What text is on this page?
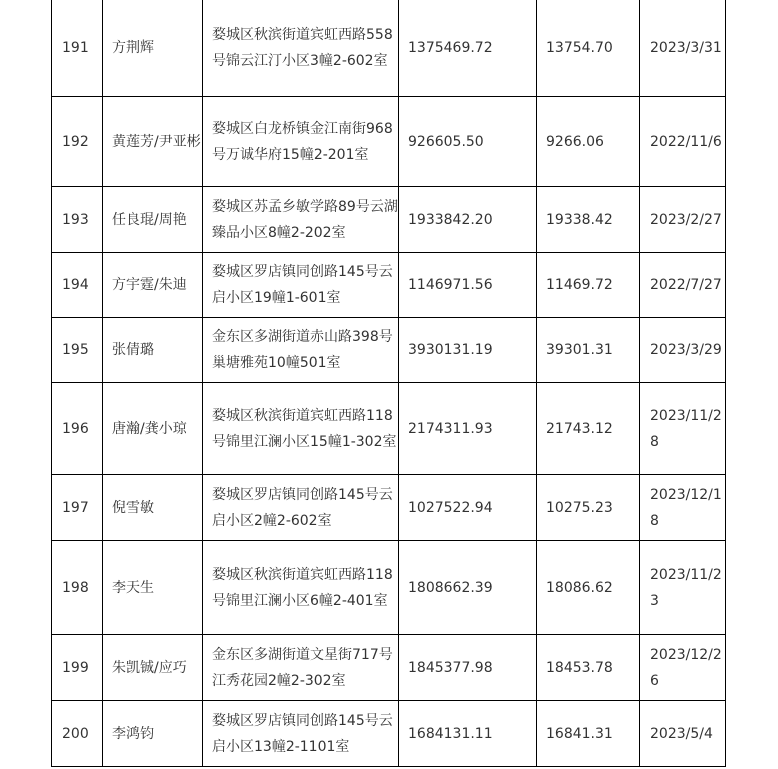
191	方荆辉	婺城区秋滨街道宾虹西路558号锦云江汀小区3幢2-602室	1375469.72	13754.70	2023/3/31
192	黄莲芳/尹亚彬	婺城区白龙桥镇金江南街968号万诚华府15幢2-201室	926605.50	9266.06	2022/11/6
193	任良琨/周艳	婺城区苏孟乡敏学路89号云湖臻品小区8幢2-202室	1933842.20	19338.42	2023/2/27
194	方宇霆/朱迪	婺城区罗店镇同创路145号云启小区19幢1-601室	1146971.56	11469.72	2022/7/27
195	张倩璐	金东区多湖街道赤山路398号巢塘雅苑10幢501室	3930131.19	39301.31	2023/3/29
196	唐瀚/龚小琼	婺城区秋滨街道宾虹西路118号锦里江澜小区15幢1-302室	2174311.93	21743.12	2023/11/28
197	倪雪敏	婺城区罗店镇同创路145号云启小区2幢2-602室	1027522.94	10275.23	2023/12/18
198	李天生	婺城区秋滨街道宾虹西路118号锦里江澜小区6幢2-401室	1808662.39	18086.62	2023/11/23
199	朱凯铖/应巧	金东区多湖街道文星街717号江秀花园2幢2-302室	1845377.98	18453.78	2023/12/26
200	李鸿钧	婺城区罗店镇同创路145号云启小区13幢2-1101室	1684131.11	16841.31	2023/5/4
